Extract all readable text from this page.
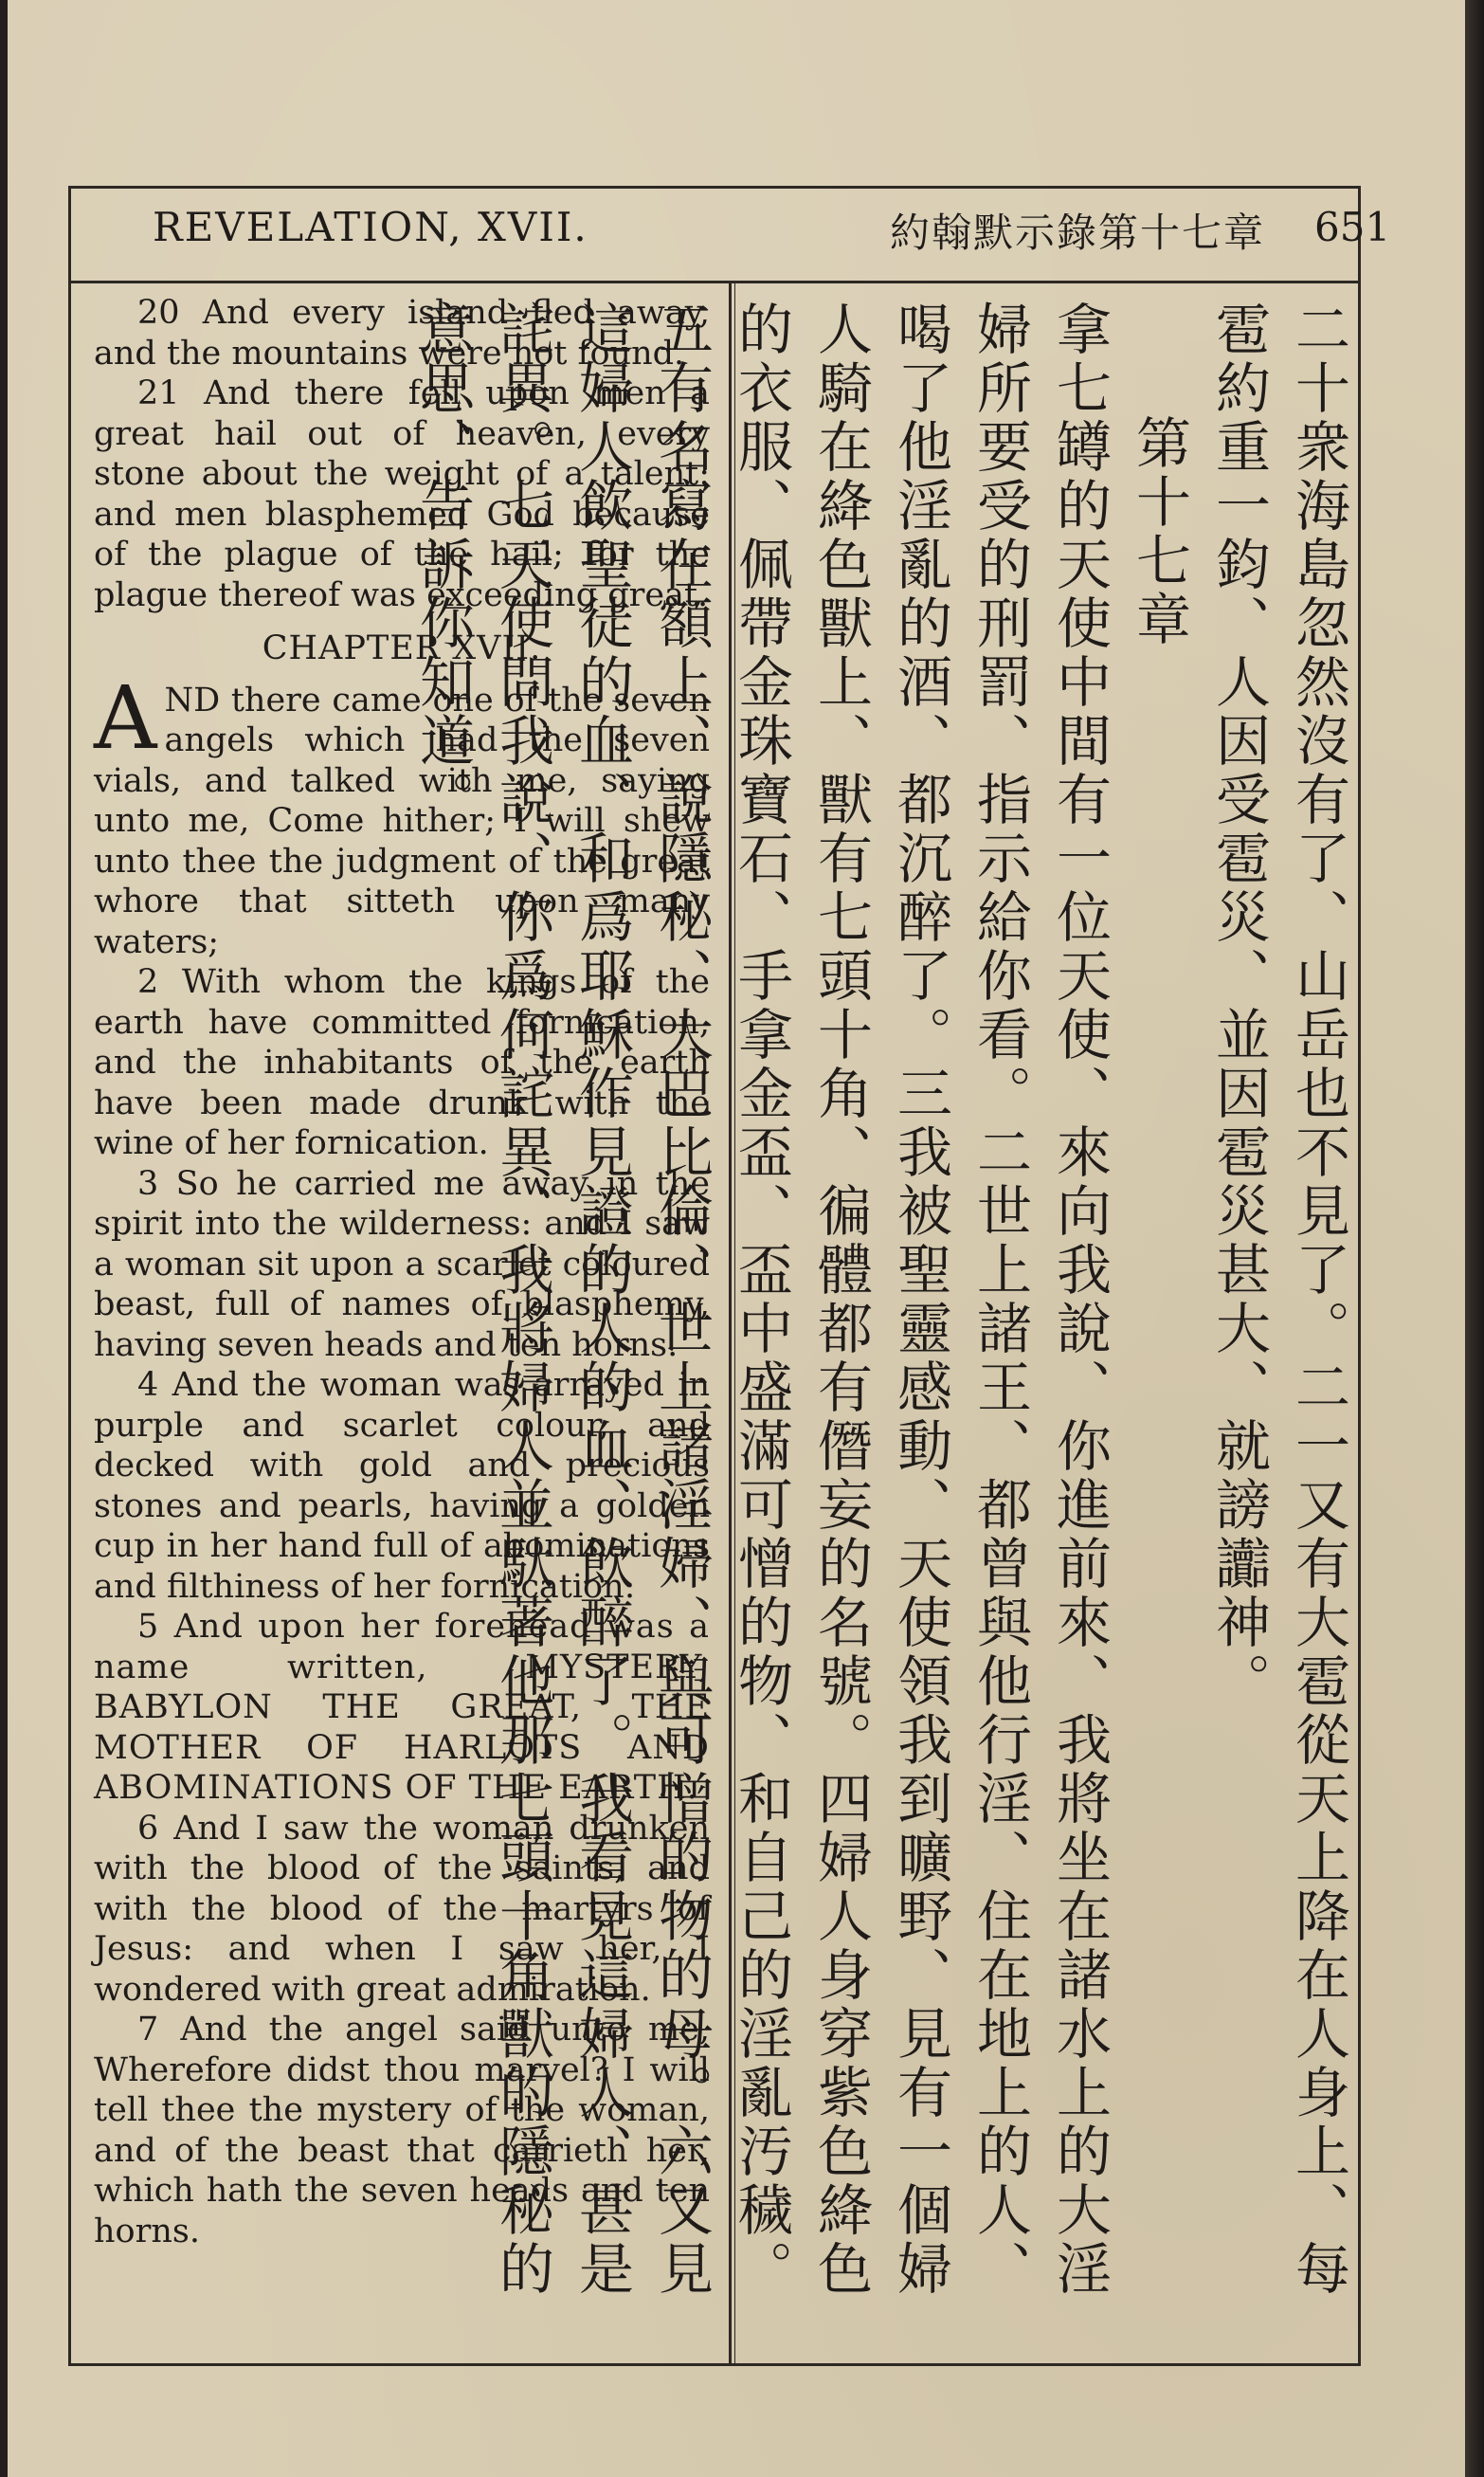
REVELATION, XVII.	約翰默示錄第十七章 651

20 And every island fled away, and the mountains were not found.

21 And there fell upon men a great hail out of heaven, every stone about the weight of a talent: and men blasphemed God because of the plague of the hail; for the plague thereof was exceeding great.

CHAPTER XVII.

AND there came one of the seven angels which had the seven vials, and talked with me, saying unto me, Come hither; I will shew unto thee the judgment of the great whore that sitteth upon many waters;

2 With whom the kings of the earth have committed fornication, and the inhabitants of the earth have been made drunk with the wine of her fornication.

3 So he carried me away in the spirit into the wilderness: and I saw a woman sit upon a scarlet coloured beast, full of names of blasphemy, having seven heads and ten horns.

4 And the woman was arrayed in purple and scarlet colour, and decked with gold and precious stones and pearls, having a golden cup in her hand full of abominations and filthiness of her fornication:

5 And upon her forehead was a name written, MYSTERY, BABYLON THE GREAT, THE MOTHER OF HARLOTS AND ABOMINATIONS OF THE EARTH.

6 And I saw the woman drunken with the blood of the saints, and with the blood of the martyrs of Jesus: and when I saw her, I wondered with great admiration.

7 And the angel said unto me, Wherefore didst thou marvel? I will tell thee the mystery of the woman, and of the beast that carrieth her, which hath the seven heads and ten horns.	二十衆海島忽然沒有了、山岳也不見了。二一又有大雹從天上降在人身上、每雹約重一鈞、人因受雹災、並因雹災甚大、就謗讟神。

第十七章

拿七罇的天使中間有一位天使、來向我說、你進前來、我將坐在諸水上的大淫婦所要受的刑罰、指示給你看。二世上諸王、都曾與他行淫、住在地上的人、喝了他淫亂的酒、都沉醉了。三我被聖靈感動、天使領我到曠野、見有一個婦人騎在絳色獸上、獸有七頭十角、徧體都有僭妄的名號。四婦人身穿紫色絳色的衣服、佩帶金珠寶石、手拿金盃、盃中盛滿可憎的物、和自己的淫亂汚穢。五有名寫在額上、說隱秘、大巴比倫、世上諸淫婦、與可憎的物的母。六又見這婦人飲聖徒的血、和爲耶穌作見證的人的血、飲醉了。我看見這婦人、甚是詫異。七天使問我說、你爲何詫異、我將婦人並馱著他那七頭十角獸的隱秘的意思、告訴你知道。
